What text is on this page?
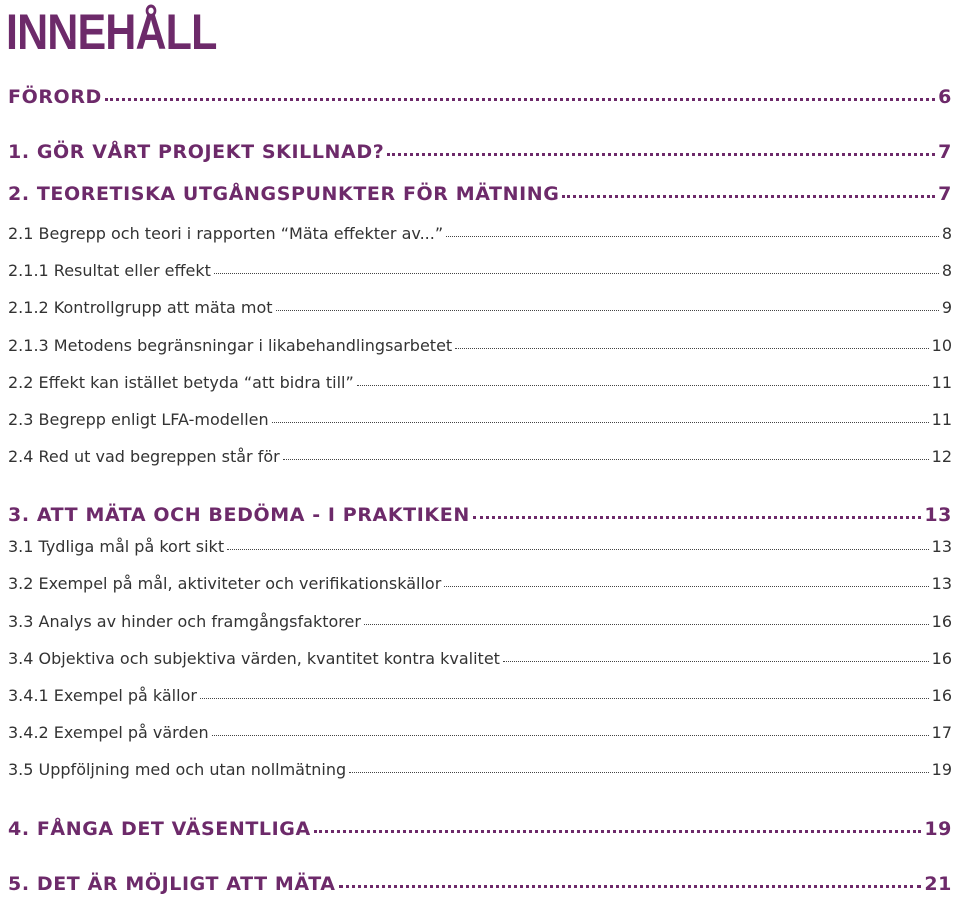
INNEHÅLL
FÖRORD	6
1. GÖR VÅRT PROJEKT SKILLNAD?	7
2. TEORETISKA UTGÅNGSPUNKTER FÖR MÄTNING	7
2.1 Begrepp och teori i rapporten “Mäta effekter av...”	8
2.1.1 Resultat eller effekt	8
2.1.2 Kontrollgrupp att mäta mot	9
2.1.3 Metodens begränsningar i likabehandlingsarbetet	10
2.2 Effekt kan istället betyda “att bidra till”	11
2.3 Begrepp enligt LFA-modellen	11
2.4 Red ut vad begreppen står för	12
3. ATT MÄTA OCH BEDÖMA - I PRAKTIKEN	13
3.1 Tydliga mål på kort sikt	13
3.2 Exempel på mål, aktiviteter och verifikationskällor	13
3.3 Analys av hinder och framgångsfaktorer	16
3.4 Objektiva och subjektiva värden, kvantitet kontra kvalitet	16
3.4.1 Exempel på källor	16
3.4.2 Exempel på värden	17
3.5 Uppföljning med och utan nollmätning	19
4. FÅNGA DET VÄSENTLIGA	19
5. DET ÄR MÖJLIGT ATT MÄTA	21
